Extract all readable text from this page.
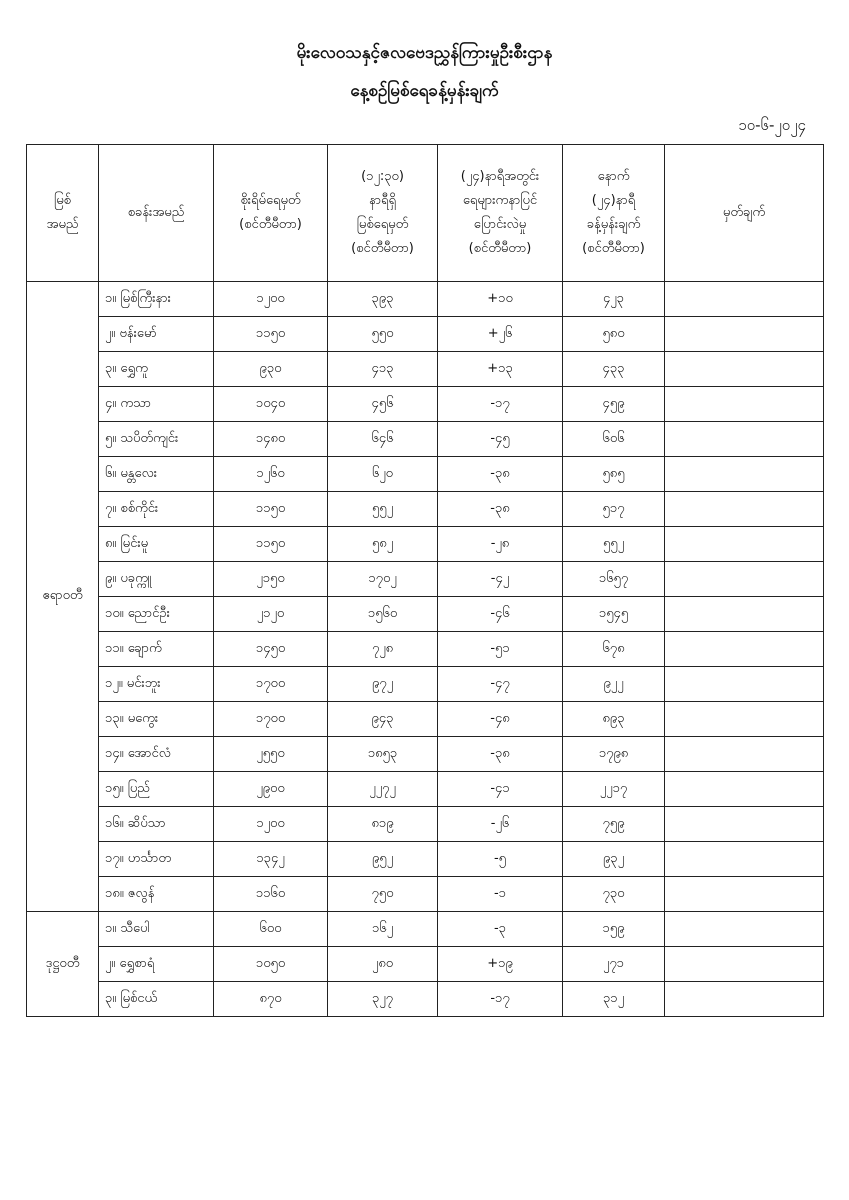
မိုးလေဝသနှင့်ဇလဗေဒညွှန်ကြားမှုဦးစီးဌာန
နေ့စဉ်မြစ်ရေခန့်မှန်းချက်
၁၀-၆-၂၀၂၄
မြစ်
အမည်	စခန်းအမည်	စိုးရိမ်ရေမှတ်
(စင်တီမီတာ)	(၁၂:၃၀)
နာရီရှိ
မြစ်ရေမှတ်
(စင်တီမီတာ)	(၂၄)နာရီအတွင်း
ရေများကနာပြင်
ပြောင်းလဲမှု
(စင်တီမီတာ)	နောက်
(၂၄)နာရီ
ခန့်မှန်းချက်
(စင်တီမီတာ)	မှတ်ချက်

ဧရာဝတီ	၁။ မြစ်ကြီးနား	၁၂၀၀	၃၉၃	+၁၀	၄၂၃	
	၂။ ဗန်းမော်	၁၁၅၀	၅၅၀	+၂၆	၅၈၀	
	၃။ ရွှေကူ	၉၃၀	၄၁၃	+၁၃	၄၃၃	
	၄။ ကသာ	၁၀၄၀	၄၅၆	-၁၇	၄၅၉	
	၅။ သပိတ်ကျင်း	၁၄၈၀	၆၄၆	-၄၅	၆၀၆	
	၆။ မန္တလေး	၁၂၆၀	၆၂၀	-၃၈	၅၈၅	
	၇။ စစ်ကိုင်း	၁၁၅၀	၅၅၂	-၃၈	၅၁၇	
	၈။ မြင်းမူ	၁၁၅၀	၅၈၂	-၂၈	၅၅၂	
	၉။ ပခုက္ကူ	၂၁၅၀	၁၇၀၂	-၄၂	၁၆၅၇	
	၁၀။ ညောင်ဦး	၂၁၂၀	၁၅၆၀	-၄၆	၁၅၄၅	
	၁၁။ ချောက်	၁၄၅၀	၇၂၈	-၅၁	၆၇၈	
	၁၂။ မင်းဘူး	၁၇၀၀	၉၇၂	-၄၇	၉၂၂	
	၁၃။ မကွေး	၁၇၀၀	၉၄၃	-၄၈	၈၉၃	
	၁၄။ အောင်လံ	၂၅၅၀	၁၈၅၃	-၃၈	၁၇၉၈	
	၁၅။ ပြည်	၂၉၀၀	၂၂၇၂	-၄၁	၂၂၁၇	
	၁၆။ ဆိပ်သာ	၁၂၀၀	၈၁၉	-၂၆	၇၅၉	
	၁၇။ ဟင်္သာတ	၁၃၄၂	၉၅၂	-၅	၉၃၂	
	၁၈။ ဇလွန်	၁၁၆၀	၇၅၀	-၁	၇၃၀	
ဒုဋ္ဌဝတီ	၁။ သီပေါ	၆၀၀	၁၆၂	-၃	၁၅၉	
	၂။ ရွှေစာရံ	၁၀၅၀	၂၈၀	+၁၉	၂၇၁	
	၃။ မြစ်ငယ်	၈၇၀	၃၂၇	-၁၇	၃၁၂	
